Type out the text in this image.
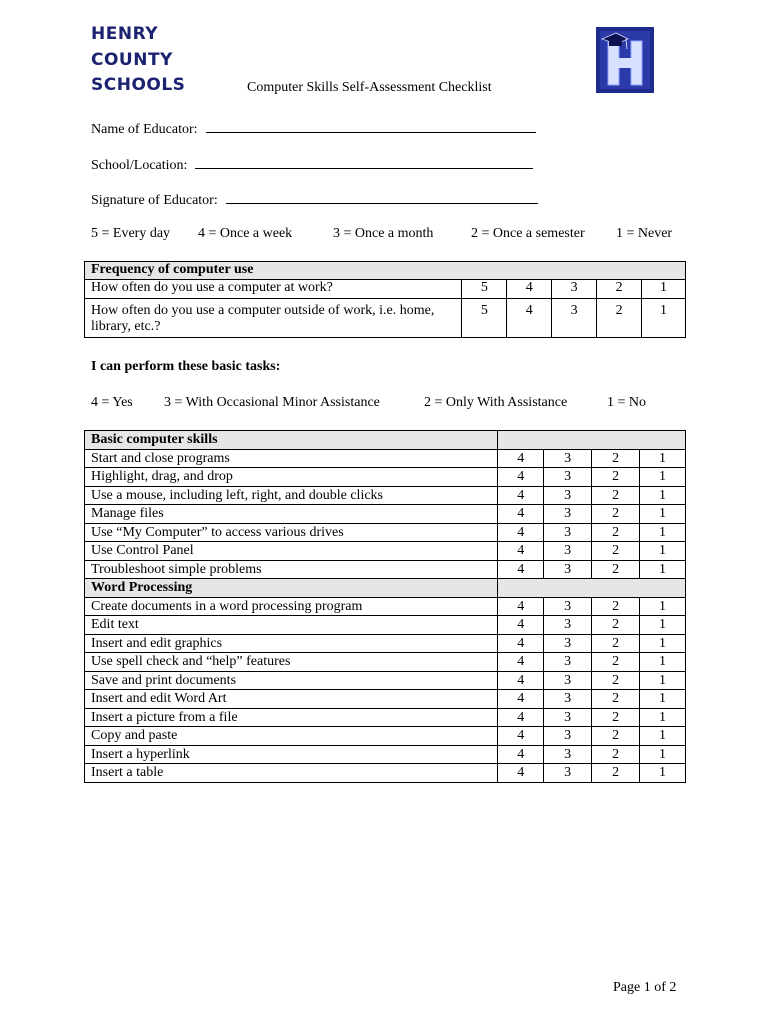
HENRY
COUNTY
SCHOOLS	Computer Skills Self-Assessment Checklist
Name of Educator:
School/Location:
Signature of Educator:
5 = Every day 4 = Once a week	3 = Once a month	2 = Once a semester 1 = Never
Frequency of computer use					
How often do you use a computer at work?	5	4	3	2	1
How often do you use a computer outside of work, i.e. home, library, etc.?	5	4	3	2	1
I can perform these basic tasks:
4 = Yes 3 = With Occasional Minor Assistance	2 = Only With Assistance	1 = No
Basic computer skills				
Start and close programs	4	3	2	1
Highlight, drag, and drop	4	3	2	1
Use a mouse, including left, right, and double clicks	4	3	2	1
Manage files	4	3	2	1
Use “My Computer” to access various drives	4	3	2	1
Use Control Panel	4	3	2	1
Troubleshoot simple problems	4	3	2	1
Word Processing				
Create documents in a word processing program	4	3	2	1
Edit text	4	3	2	1
Insert and edit graphics	4	3	2	1
Use spell check and “help” features	4	3	2	1
Save and print documents	4	3	2	1
Insert and edit Word Art	4	3	2	1
Insert a picture from a file	4	3	2	1
Copy and paste	4	3	2	1
Insert a hyperlink	4	3	2	1
Insert a table	4	3	2	1
Page 1 of 2
